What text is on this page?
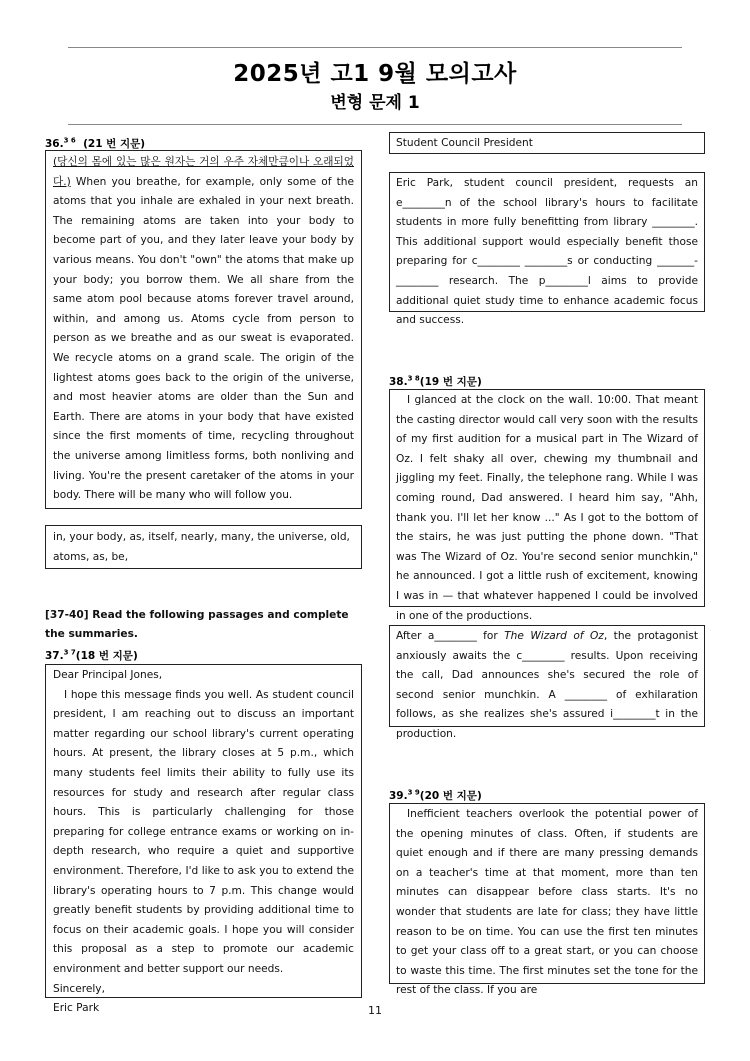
2025년 고1 9월 모의고사
변형 문제 1
36.$^{3 6}$ (21 번 지문)
(당신의 몸에 있는 많은 원자는 거의 우주 자체만큼이나 오래되었다.) When you breathe, for example, only some of the atoms that you inhale are exhaled in your next breath. The remaining atoms are taken into your body to become part of you, and they later leave your body by various means. You don't "own" the atoms that make up your body; you borrow them. We all share from the same atom pool because atoms forever travel around, within, and among us. Atoms cycle from person to person as we breathe and as our sweat is evaporated. We recycle atoms on a grand scale. The origin of the lightest atoms goes back to the origin of the universe, and most heavier atoms are older than the Sun and Earth. There are atoms in your body that have existed since the first moments of time, recycling throughout the universe among limitless forms, both nonliving and living. You're the present caretaker of the atoms in your body. There will be many who will follow you.
in, your body, as, itself, nearly, many, the universe, old, atoms, as, be,
[37-40] Read the following passages and complete the summaries.
37.$^{3 7}$(18 번 지문)

Dear Principal Jones,

I hope this message finds you well. As student council president, I am reaching out to discuss an important matter regarding our school library's current operating hours. At present, the library closes at 5 p.m., which many students feel limits their ability to fully use its resources for study and research after regular class hours. This is particularly challenging for those preparing for college entrance exams or working on in-depth research, who require a quiet and supportive environment. Therefore, I'd like to ask you to extend the library's operating hours to 7 p.m. This change would greatly benefit students by providing additional time to focus on their academic goals. I hope you will consider this proposal as a step to promote our academic environment and better support our needs.

Sincerely,

Eric Park

Student Council President
Eric Park, student council president, requests an e________n of the school library's hours to facilitate students in more fully benefitting from library ________. This additional support would especially benefit those preparing for c________ ________s or conducting _______-________ research. The p________l aims to provide additional quiet study time to enhance academic focus and success.
38.$^{3 8}$(19 번 지문)
I glanced at the clock on the wall. 10:00. That meant the casting director would call very soon with the results of my first audition for a musical part in The Wizard of Oz. I felt shaky all over, chewing my thumbnail and jiggling my feet. Finally, the telephone rang. While I was coming round, Dad answered. I heard him say, "Ahh, thank you. I'll let her know ..." As I got to the bottom of the stairs, he was just putting the phone down. "That was The Wizard of Oz. You're second senior munchkin," he announced. I got a little rush of excitement, knowing I was in — that whatever happened I could be involved in one of the productions.
After a________ for The Wizard of Oz, the protagonist anxiously awaits the c________ results. Upon receiving the call, Dad announces she's secured the role of second senior munchkin. A ________ of exhilaration follows, as she realizes she's assured i________t in the production.
39.$^{3 9}$(20 번 지문)
Inefficient teachers overlook the potential power of the opening minutes of class. Often, if students are quiet enough and if there are many pressing demands on a teacher's time at that moment, more than ten minutes can disappear before class starts. It's no wonder that students are late for class; they have little reason to be on time. You can use the first ten minutes to get your class off to a great start, or you can choose to waste this time. The first minutes set the tone for the rest of the class. If you are
11
